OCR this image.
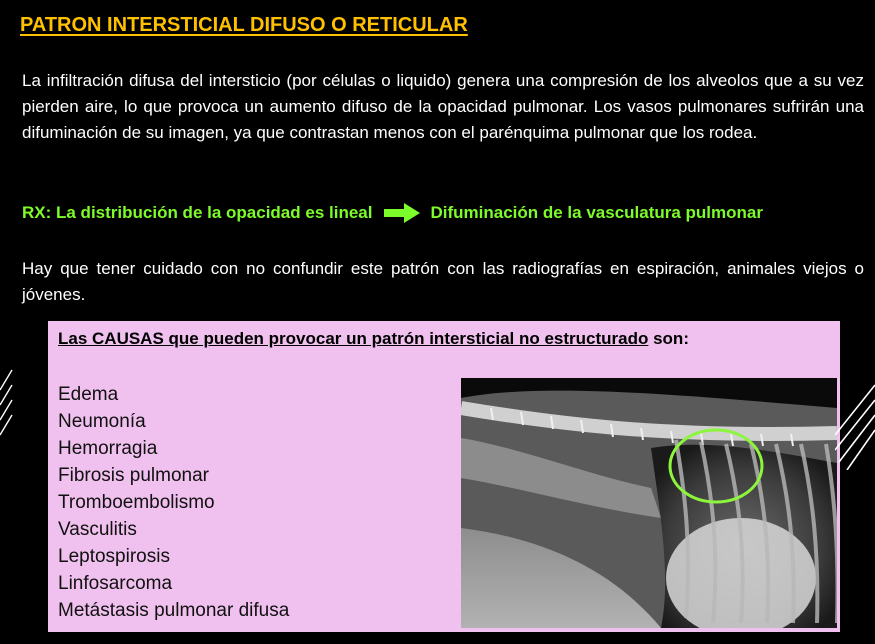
PATRON INTERSTICIAL DIFUSO O RETICULAR
La infiltración difusa del intersticio (por células o liquido) genera una compresión de los alveolos que a su vez pierden aire, lo que provoca un aumento difuso de la opacidad pulmonar. Los vasos pulmonares sufrirán una difuminación de su imagen, ya que contrastan menos con el parénquima pulmonar que los rodea.
RX: La distribución de la opacidad es lineal	Difuminación de la vasculatura pulmonar
Hay que tener cuidado con no confundir este patrón con las radiografías en espiración, animales viejos o jóvenes.
Las CAUSAS que pueden provocar un patrón intersticial no estructurado son:
Edema
Neumonía
Hemorragia
Fibrosis pulmonar
Tromboembolismo
Vasculitis
Leptospirosis
Linfosarcoma
Metástasis pulmonar difusa
